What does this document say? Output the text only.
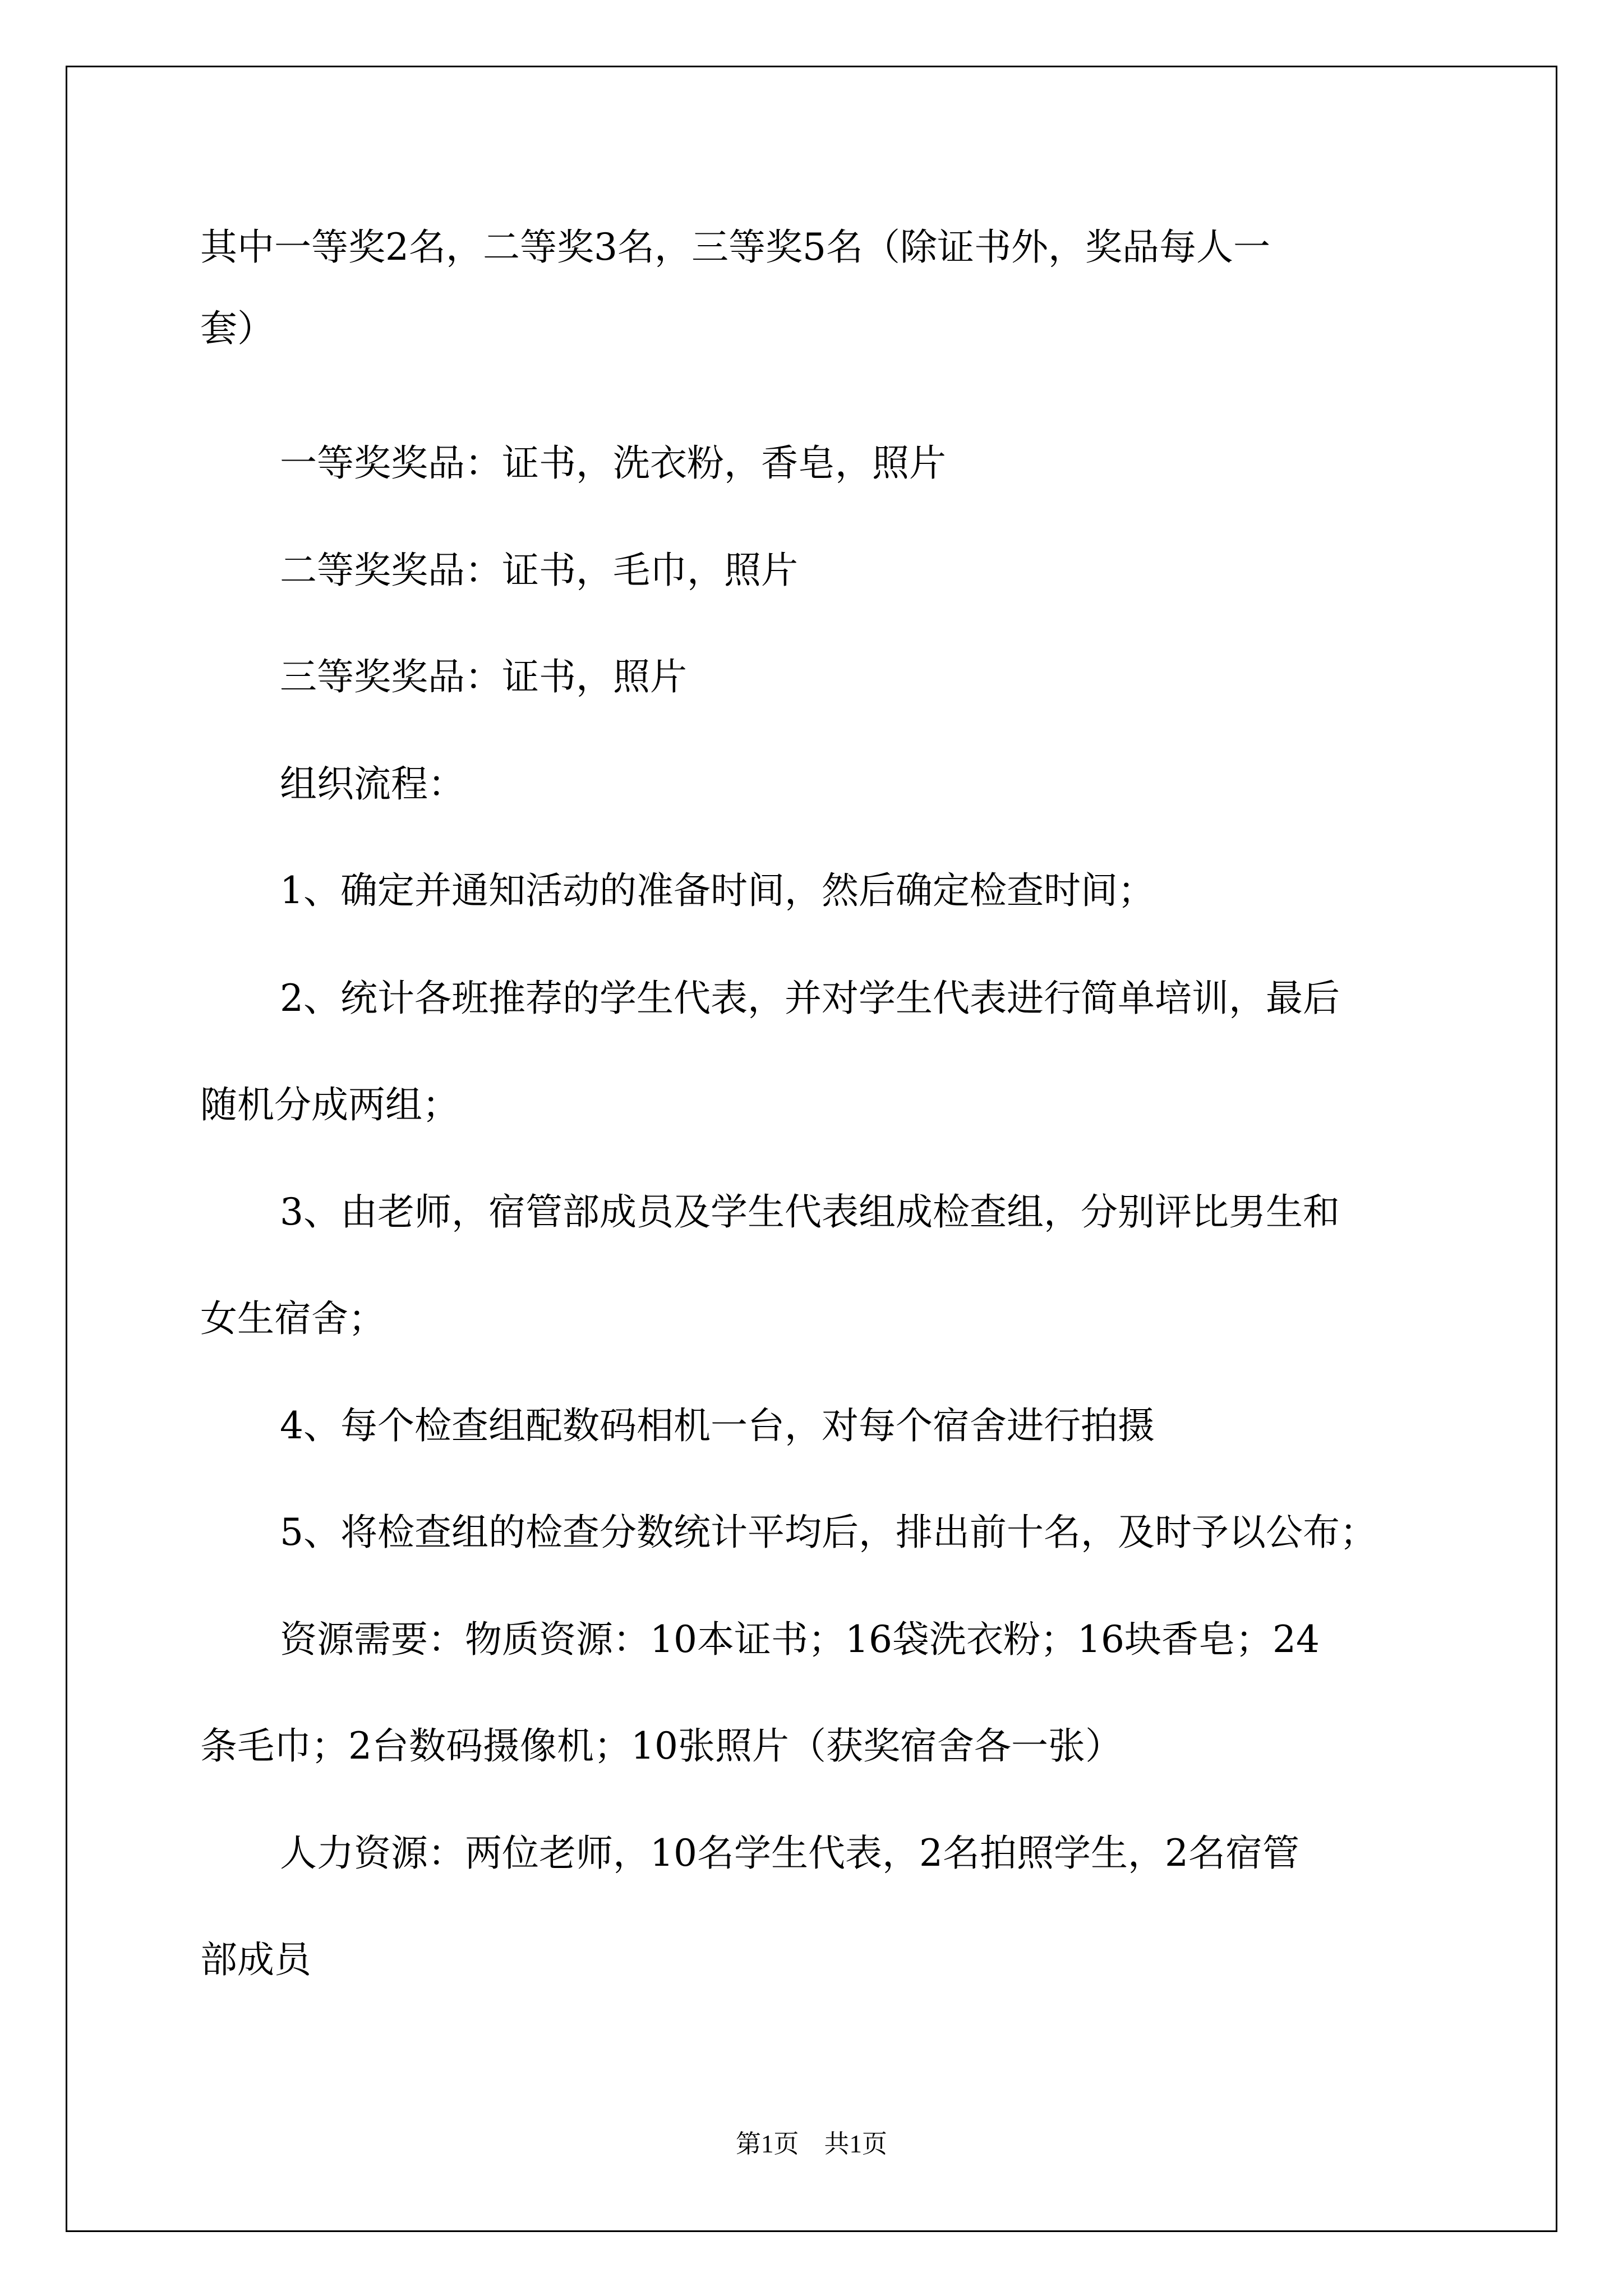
其中一等奖2名，二等奖3名，三等奖5名（除证书外，奖品每人一
套）
一等奖奖品：证书，洗衣粉，香皂，照片
二等奖奖品：证书，毛巾，照片
三等奖奖品：证书，照片
组织流程：
1、确定并通知活动的准备时间，然后确定检查时间；
2、统计各班推荐的学生代表，并对学生代表进行简单培训，最后
随机分成两组；
3、由老师，宿管部成员及学生代表组成检查组，分别评比男生和
女生宿舍；
4、每个检查组配数码相机一台，对每个宿舍进行拍摄
5、将检查组的检查分数统计平均后，排出前十名，及时予以公布；
资源需要：物质资源：10本证书；16袋洗衣粉；16块香皂；24
条毛巾；2台数码摄像机；10张照片（获奖宿舍各一张）
人力资源：两位老师，10名学生代表，2名拍照学生，2名宿管
部成员
第1页　共1页
